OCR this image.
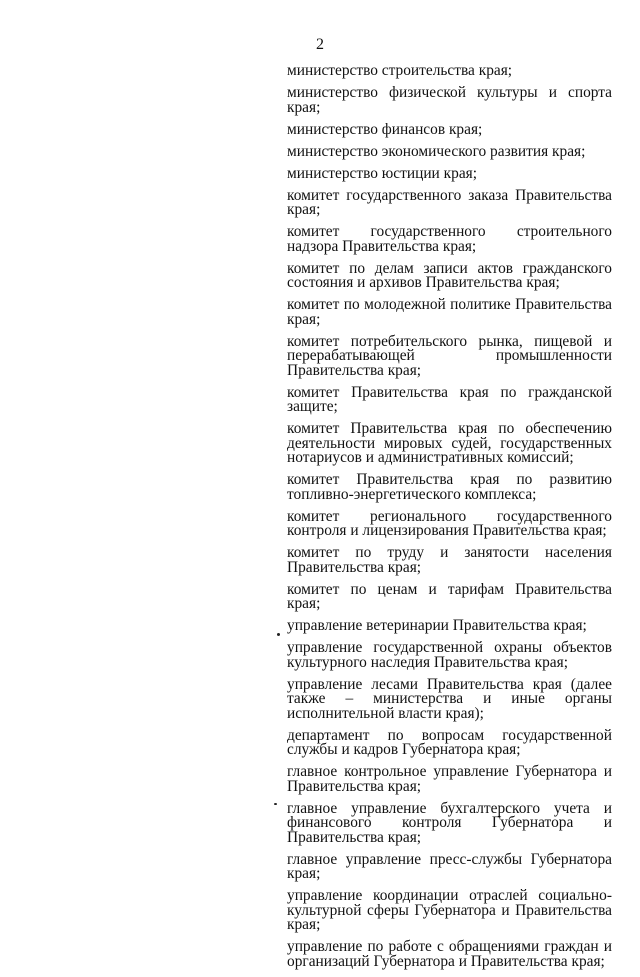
2
министерство строительства края;
министерство физической культуры и спорта края;
министерство финансов края;
министерство экономического развития края;
министерство юстиции края;
комитет государственного заказа Правительства края;
комитет государственного строительного надзора Правительства края;
комитет по делам записи актов гражданского состояния и архивов Правительства края;
комитет по молодежной политике Правительства края;
комитет потребительского рынка, пищевой и перерабатывающей промышленности Правительства края;
комитет Правительства края по гражданской защите;
комитет Правительства края по обеспечению деятельности мировых судей, государственных нотариусов и административных комиссий;
комитет Правительства края по развитию топливно-энергетического комплекса;
комитет регионального государственного контроля и лицензирования Правительства края;
комитет по труду и занятости населения Правительства края;
комитет по ценам и тарифам Правительства края;
управление ветеринарии Правительства края;
управление государственной охраны объектов культурного наследия Правительства края;
управление лесами Правительства края (далее также – министерства и иные органы исполнительной власти края);
департамент по вопросам государственной службы и кадров Губернатора края;
главное контрольное управление Губернатора и Правительства края;
главное управление бухгалтерского учета и финансового контроля Губернатора и Правительства края;
главное управление пресс-службы Губернатора края;
управление координации отраслей социально-культурной сферы Губернатора и Правительства края;
управление по работе с обращениями граждан и организаций Губернатора и Правительства края;
